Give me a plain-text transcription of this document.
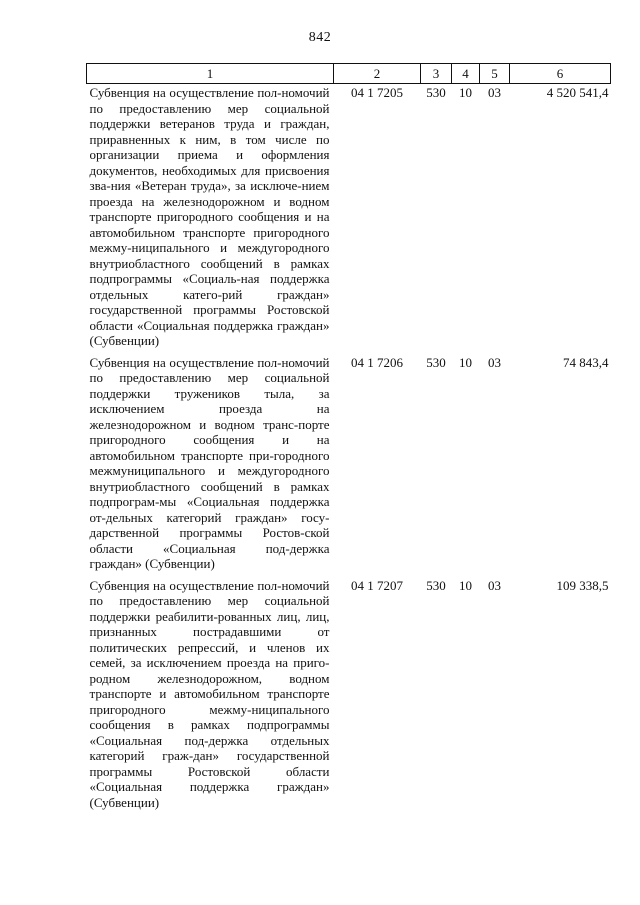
842
1	2	3	4	5	6
Субвенция на осуществление пол-номочий по предоставлению мер социальной поддержки ветеранов труда и граждан, приравненных к ним, в том числе по организации приема и оформления документов, необходимых для присвоения зва-ния «Ветеран труда», за исключе-нием проезда на железнодорожном и водном транспорте пригородного сообщения и на автомобильном транспорте пригородного межму-ниципального и междугородного внутриобластного сообщений в рамках подпрограммы «Социаль-ная поддержка отдельных катего-рий граждан» государственной программы Ростовской области «Социальная поддержка граждан» (Субвенции)	04 1 7205	530	10	03	4 520 541,4
Субвенция на осуществление пол-номочий по предоставлению мер социальной поддержки тружеников тыла, за исключением проезда на железнодорожном и водном транс-порте пригородного сообщения и на автомобильном транспорте при-городного межмуниципального и междугородного внутриобластного сообщений в рамках подпрограм-мы «Социальная поддержка от-дельных категорий граждан» госу-дарственной программы Ростов-ской области «Социальная под-держка граждан» (Субвенции)	04 1 7206	530	10	03	74 843,4
Субвенция на осуществление пол-номочий по предоставлению мер социальной поддержки реабилити-рованных лиц, лиц, признанных пострадавшими от политических репрессий, и членов их семей, за исключением проезда на приго-родном железнодорожном, водном транспорте и автомобильном транспорте пригородного межму-ниципального сообщения в рамках подпрограммы «Социальная под-держка отдельных категорий граж-дан» государственной программы Ростовской области «Социальная поддержка граждан» (Субвенции)	04 1 7207	530	10	03	109 338,5
